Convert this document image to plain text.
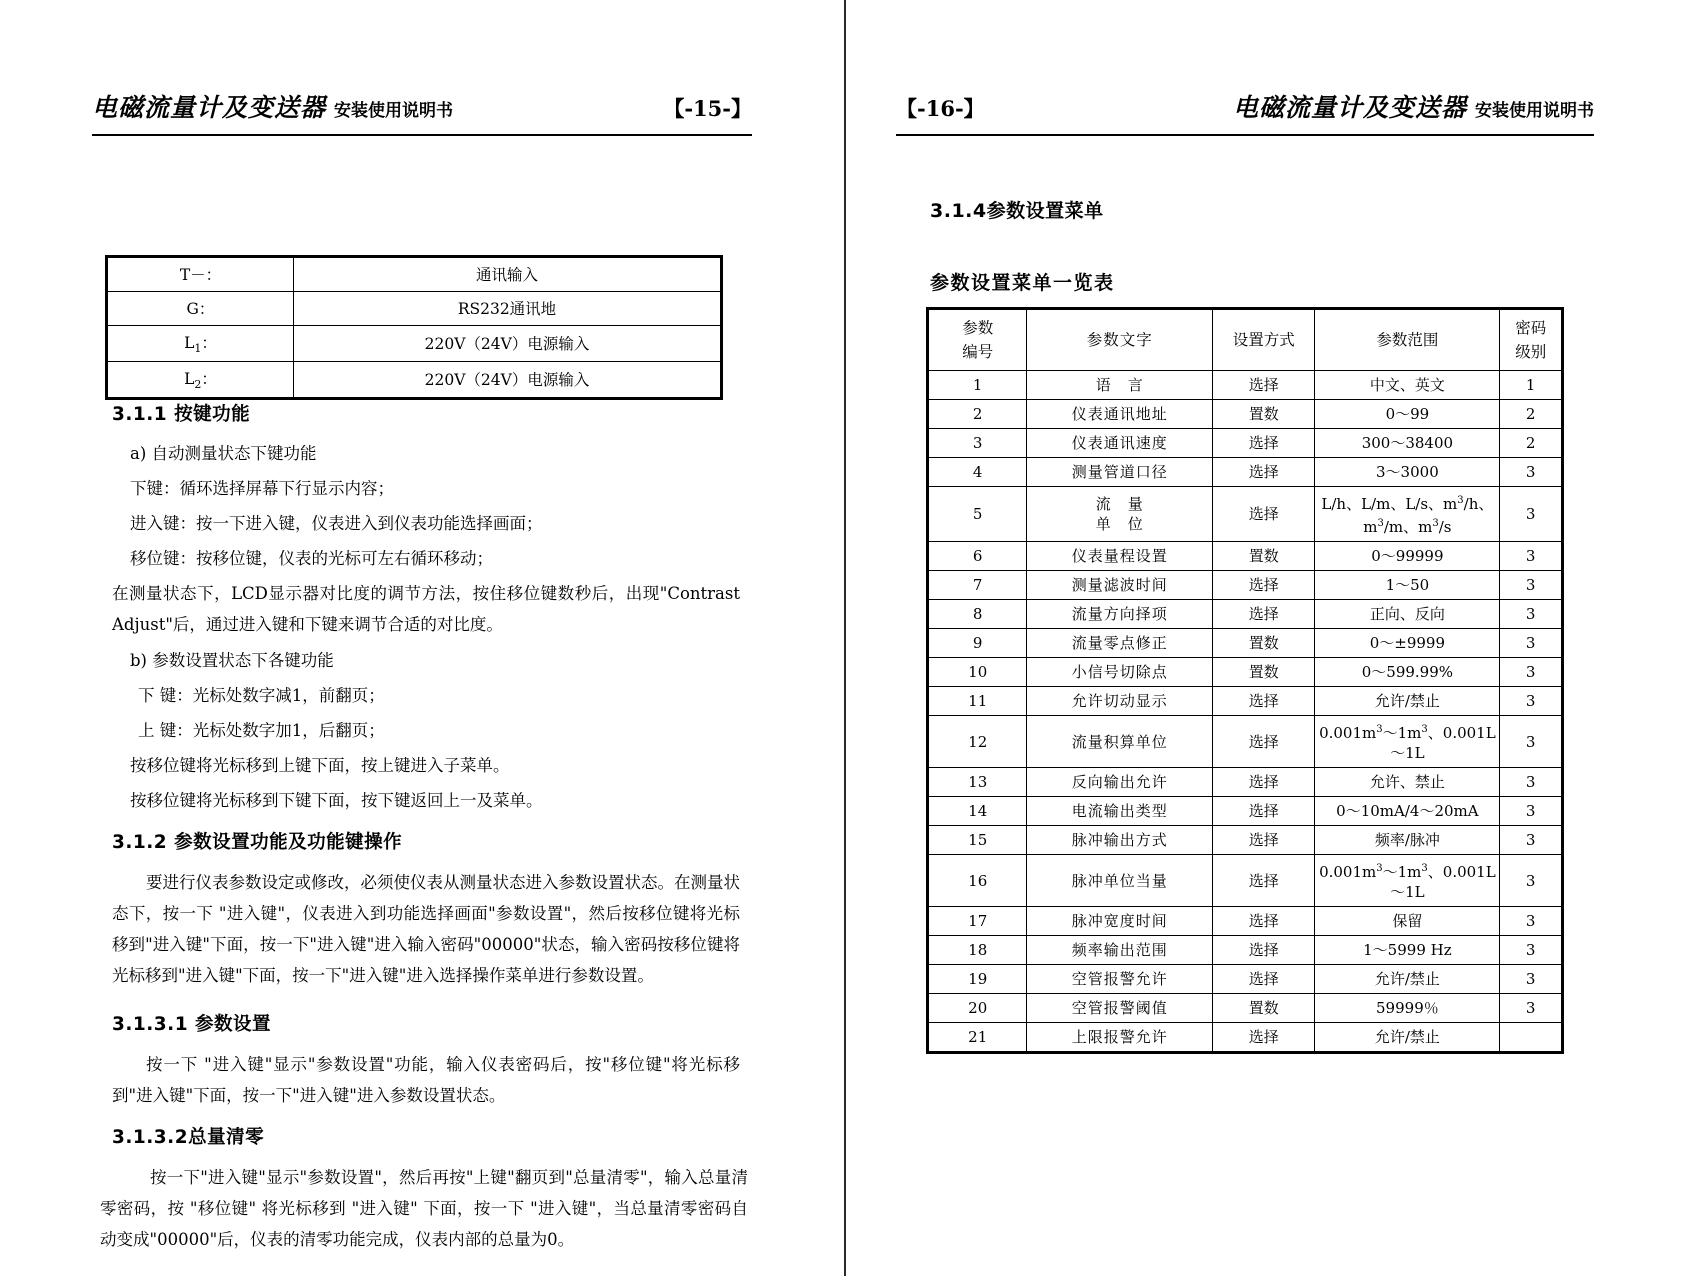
电磁流量计及变送器 安装使用说明书	【-15-】
T－：	通讯输入
G：	RS232通讯地
$L_1$：	220V（24V）电源输入
$L_2$：	220V（24V）电源输入
3.1.1 按键功能

a) 自动测量状态下键功能

下键：循环选择屏幕下行显示内容；

进入键：按一下进入键，仪表进入到仪表功能选择画面；

移位键：按移位键，仪表的光标可左右循环移动；

在测量状态下，LCD显示器对比度的调节方法，按住移位键数秒后，出现"Contrast Adjust"后，通过进入键和下键来调节合适的对比度。

b) 参数设置状态下各键功能

下 键：光标处数字减1，前翻页；

上 键：光标处数字加1，后翻页；

按移位键将光标移到上键下面，按上键进入子菜单。

按移位键将光标移到下键下面，按下键返回上一及菜单。

3.1.2 参数设置功能及功能键操作

要进行仪表参数设定或修改，必须使仪表从测量状态进入参数设置状态。在测量状态下，按一下 "进入键"，仪表进入到功能选择画面"参数设置"，然后按移位键将光标移到"进入键"下面，按一下"进入键"进入输入密码"00000"状态，输入密码按移位键将光标移到"进入键"下面，按一下"进入键"进入选择操作菜单进行参数设置。

3.1.3.1 参数设置

按一下 "进入键"显示"参数设置"功能，输入仪表密码后，按"移位键"将光标移到"进入键"下面，按一下"进入键"进入参数设置状态。

3.1.3.2总量清零

按一下"进入键"显示"参数设置"，然后再按"上键"翻页到"总量清零"，输入总量清零密码，按 "移位键" 将光标移到 "进入键" 下面，按一下 "进入键"，当总量清零密码自动变成"00000"后，仪表的清零功能完成，仪表内部的总量为0。

【-16-】	电磁流量计及变送器 安装使用说明书
3.1.4参数设置菜单
参数设置菜单一览表
参数
编号	参数文字	设置方式	参数范围	密码
级别
1	语　言	选择	中文、英文	1
2	仪表通讯地址	置数	0～99	2
3	仪表通讯速度	选择	300～38400	2
4	测量管道口径	选择	3～3000	3
5	流　量
单　位	选择	L/h、L/m、L/s、$m^3/h$、$m^3/m$、$m^3/s$	3
6	仪表量程设置	置数	0～99999	3
7	测量滤波时间	选择	1～50	3
8	流量方向择项	选择	正向、反向	3
9	流量零点修正	置数	0～±9999	3
10	小信号切除点	置数	0～599.99%	3
11	允许切动显示	选择	允许/禁止	3
12	流量积算单位	选择	$0.001m^3\sim 1m^3$、0.001L～1L	3
13	反向输出允许	选择	允许、禁止	3
14	电流输出类型	选择	0～10mA/4～20mA	3
15	脉冲输出方式	选择	频率/脉冲	3
16	脉冲单位当量	选择	$0.001m^3\sim 1m^3$、0.001L～1L	3
17	脉冲宽度时间	选择	保留	3
18	频率输出范围	选择	1～5999 Hz	3
19	空管报警允许	选择	允许/禁止	3
20	空管报警阈值	置数	59999％	3
21	上限报警允许	选择	允许/禁止	
